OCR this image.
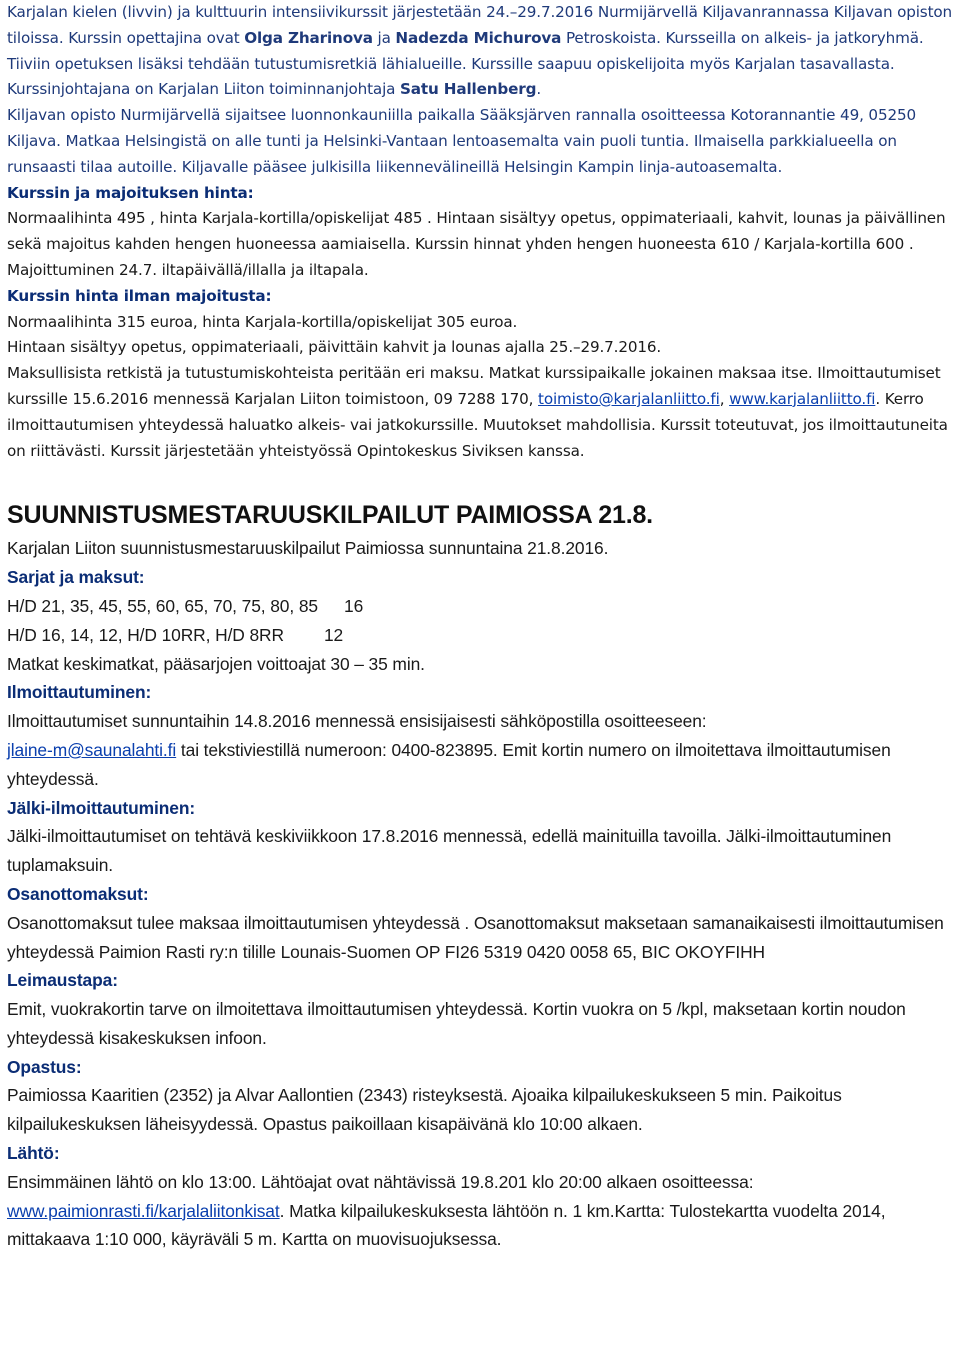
Karjalan kielen (livvin) ja kulttuurin intensiivikurssit järjestetään 24.–29.7.2016 Nurmijärvellä Kiljavanrannassa Kiljavan opiston tiloissa. Kurssin opettajina ovat Olga Zharinova ja Nadezda Michurova Petroskoista. Kursseilla on alkeis- ja jatkoryhmä. Tiiviin opetuksen lisäksi tehdään tutustumisretkiä lähialueille. Kurssille saapuu opiskelijoita myös Karjalan tasavallasta. Kurssinjohtajana on Karjalan Liiton toiminnanjohtaja Satu Hallenberg.

Kiljavan opisto Nurmijärvellä sijaitsee luonnonkauniilla paikalla Sääksjärven rannalla osoitteessa Kotorannantie 49, 05250 Kiljava. Matkaa Helsingistä on alle tunti ja Helsinki-Vantaan lentoasemalta vain puoli tuntia. Ilmaisella parkkialueella on runsaasti tilaa autoille. Kiljavalle pääsee julkisilla liikennevälineillä Helsingin Kampin linja-autoasemalta.

Kurssin ja majoituksen hinta:

Normaalihinta 495 , hinta Karjala-kortilla/opiskelijat 485 . Hintaan sisältyy opetus, oppimateriaali, kahvit, lounas ja päivällinen sekä majoitus kahden hengen huoneessa aamiaisella. Kurssin hinnat yhden hengen huoneesta 610 / Karjala-kortilla 600 . Majoittuminen 24.7. iltapäivällä/illalla ja iltapala.

Kurssin hinta ilman majoitusta:

Normaalihinta 315 euroa, hinta Karjala-kortilla/opiskelijat 305 euroa.

Hintaan sisältyy opetus, oppimateriaali, päivittäin kahvit ja lounas ajalla 25.–29.7.2016.

Maksullisista retkistä ja tutustumiskohteista peritään eri maksu. Matkat kurssipaikalle jokainen maksaa itse. Ilmoittautumiset kurssille 15.6.2016 mennessä Karjalan Liiton toimistoon, 09 7288 170, toimisto@karjalanliitto.fi, www.karjalanliitto.fi. Kerro ilmoittautumisen yhteydessä haluatko alkeis- vai jatkokurssille. Muutokset mahdollisia. Kurssit toteutuvat, jos ilmoittautuneita on riittävästi. Kurssit järjestetään yhteistyössä Opintokeskus Siviksen kanssa.

SUUNNISTUSMESTARUUSKILPAILUT PAIMIOSSA 21.8.

Karjalan Liiton suunnistusmestaruuskilpailut Paimiossa sunnuntaina 21.8.2016.

Sarjat ja maksut:

H/D 21, 35, 45, 55, 60, 65, 70, 75, 80, 85 16

H/D 16, 14, 12, H/D 10RR, H/D 8RR 12

Matkat keskimatkat, pääsarjojen voittoajat 30 – 35 min.

Ilmoittautuminen:

Ilmoittautumiset sunnuntaihin 14.8.2016 mennessä ensisijaisesti sähköpostilla osoitteeseen:

jlaine-m@saunalahti.fi tai tekstiviestillä numeroon: 0400-823895. Emit kortin numero on ilmoitettava ilmoittautumisen yhteydessä.

Jälki-ilmoittautuminen:

Jälki-ilmoittautumiset on tehtävä keskiviikkoon 17.8.2016 mennessä, edellä mainituilla tavoilla. Jälki-ilmoittautuminen tuplamaksuin.

Osanottomaksut:

Osanottomaksut tulee maksaa ilmoittautumisen yhteydessä . Osanottomaksut maksetaan samanaikaisesti ilmoittautumisen yhteydessä Paimion Rasti ry:n tilille Lounais-Suomen OP FI26 5319 0420 0058 65, BIC OKOYFIHH

Leimaustapa:

Emit, vuokrakortin tarve on ilmoitettava ilmoittautumisen yhteydessä. Kortin vuokra on 5 /kpl, maksetaan kortin noudon yhteydessä kisakeskuksen infoon.

Opastus:

Paimiossa Kaaritien (2352) ja Alvar Aallontien (2343) risteyksestä. Ajoaika kilpailukeskukseen 5 min. Paikoitus kilpailukeskuksen läheisyydessä. Opastus paikoillaan kisapäivänä klo 10:00 alkaen.

Lähtö:

Ensimmäinen lähtö on klo 13:00. Lähtöajat ovat nähtävissä 19.8.201 klo 20:00 alkaen osoitteessa:

www.paimionrasti.fi/karjalaliitonkisat. Matka kilpailukeskuksesta lähtöön n. 1 km.Kartta: Tulostekartta vuodelta 2014, mittakaava 1:10 000, käyräväli 5 m. Kartta on muovisuojuksessa.
